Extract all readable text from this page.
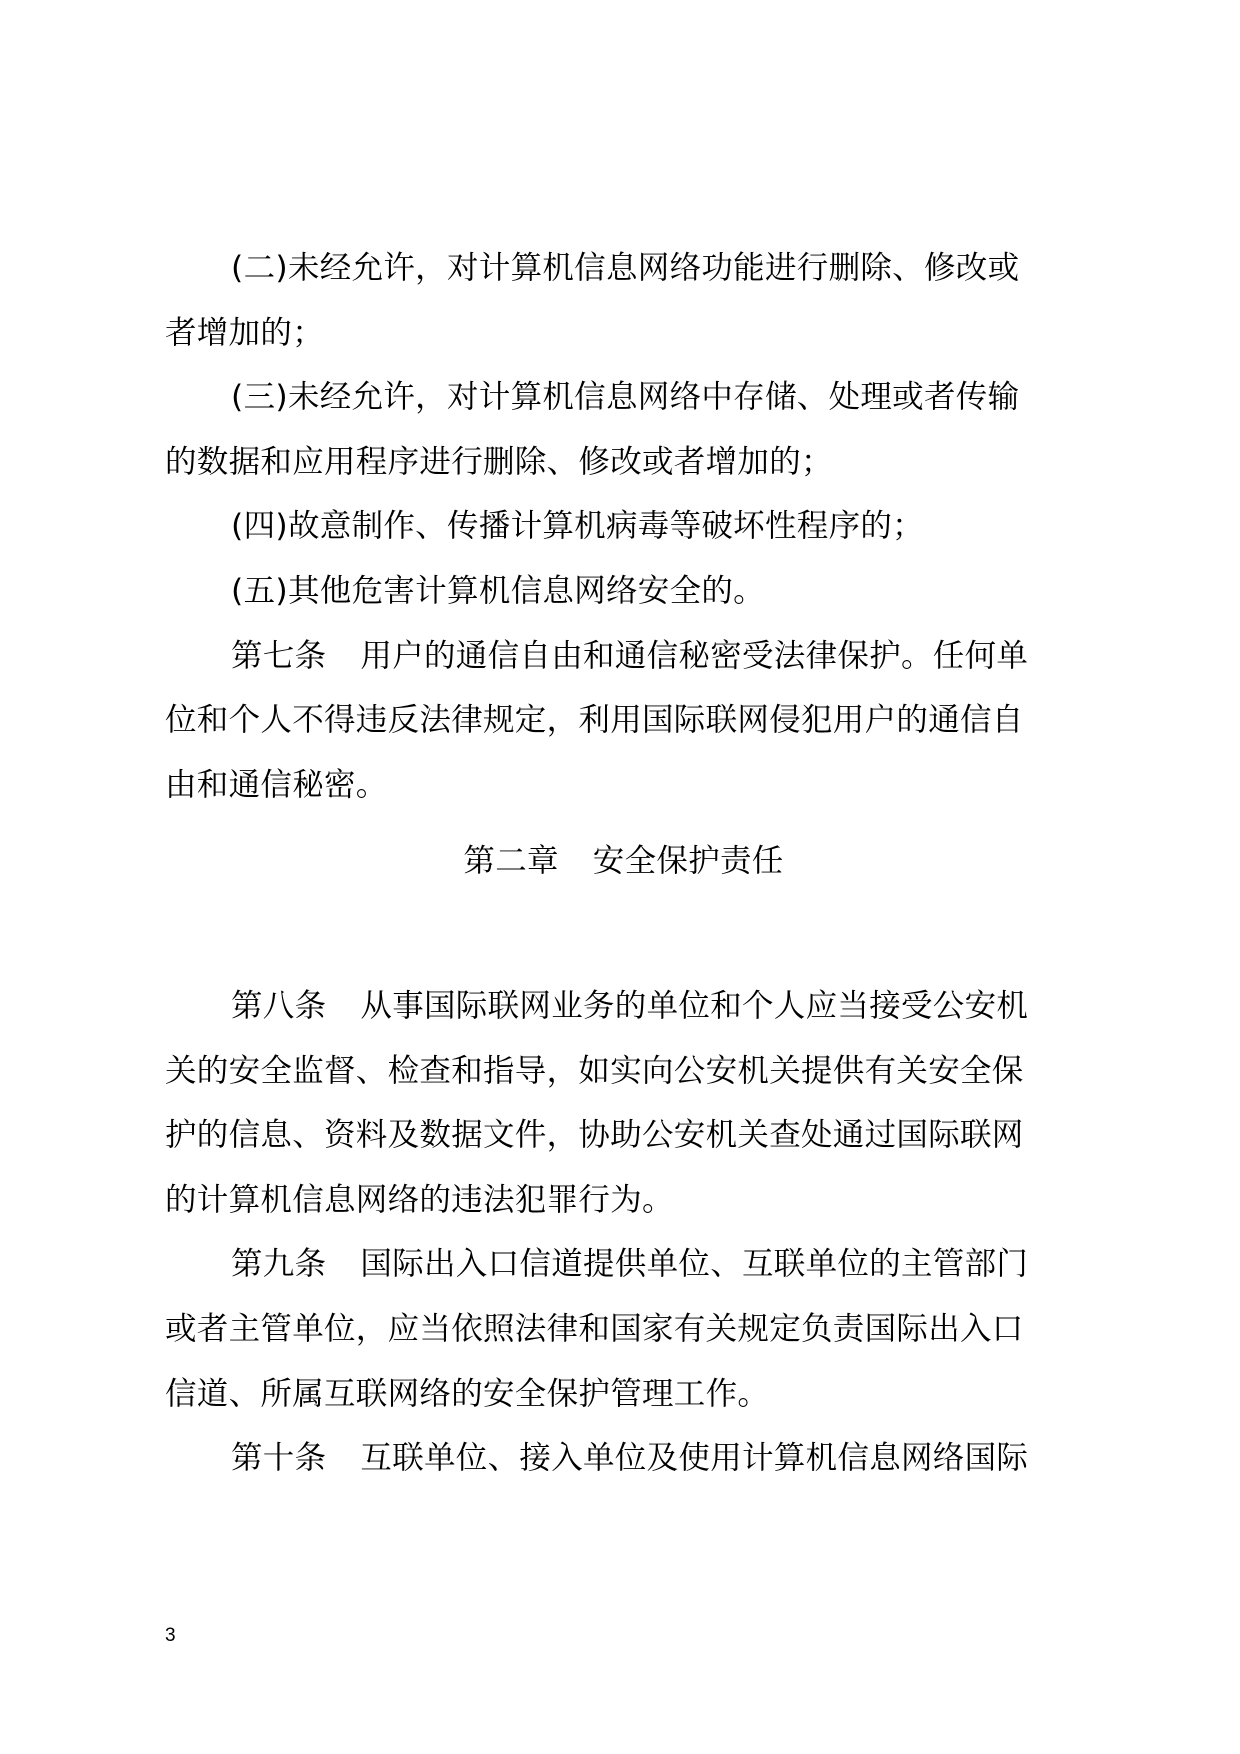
(二)未经允许，对计算机信息网络功能进行删除、修改或
者增加的；

(三)未经允许，对计算机信息网络中存储、处理或者传输
的数据和应用程序进行删除、修改或者增加的；

(四)故意制作、传播计算机病毒等破坏性程序的；

(五)其他危害计算机信息网络安全的。

第七条 用户的通信自由和通信秘密受法律保护。任何单
位和个人不得违反法律规定，利用国际联网侵犯用户的通信自
由和通信秘密。

第二章 安全保护责任

第八条 从事国际联网业务的单位和个人应当接受公安机
关的安全监督、检查和指导，如实向公安机关提供有关安全保
护的信息、资料及数据文件，协助公安机关查处通过国际联网
的计算机信息网络的违法犯罪行为。

第九条 国际出入口信道提供单位、互联单位的主管部门
或者主管单位，应当依照法律和国家有关规定负责国际出入口
信道、所属互联网络的安全保护管理工作。

第十条 互联单位、接入单位及使用计算机信息网络国际

3
